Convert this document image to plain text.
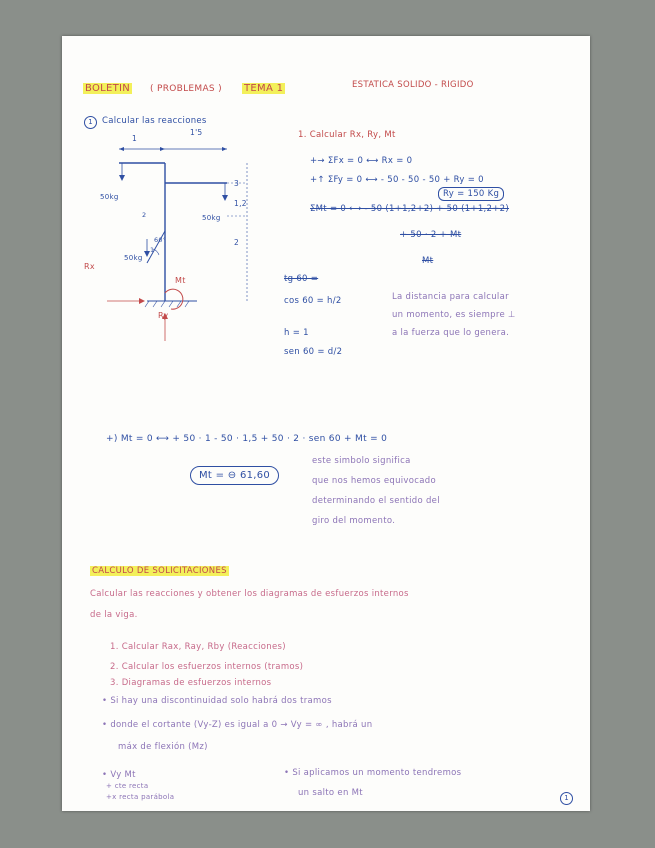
BOLETIN ( PROBLEMAS ) TEMA 1	ESTATICA SOLIDO - RIGIDO
1	Calcular las reacciones
1
1'5
3
1,2
2
50kg
50kg
50kg
60°
1
2
Rx
Ry
Mt
1. Calcular Rx, Ry, Mt
+→ ΣFx = 0 ⟷ Rx = 0
+↑ ΣFy = 0 ⟷ - 50 - 50 - 50 + Ry = 0
Ry = 150 Kg
ΣMt = 0 ⟷ - 50 (1+1,2+2) + 50 (1+1,2+2)
+ 50 · 2 + Mt
Mt
tg 60 =
cos 60 = h/2
h = 1
sen 60 = d/2
La distancia para calcular
un momento, es siempre ⊥
a la fuerza que lo genera.
+) Mt = 0 ⟷ + 50 · 1 - 50 · 1,5 + 50 · 2 · sen 60 + Mt = 0
Mt = ⊖ 61,60
este simbolo significa
que nos hemos equivocado
determinando el sentido del
giro del momento.
CALCULO DE SOLICITACIONES
Calcular las reacciones y obtener los diagramas de esfuerzos internos
de la viga.
1. Calcular Rax, Ray, Rby (Reacciones)
2. Calcular los esfuerzos internos (tramos)
3. Diagramas de esfuerzos internos
• Si hay una discontinuidad solo habrá dos tramos
• donde el cortante (Vy-Z) es igual a 0 → Vy = ∞ , habrá un
máx de flexión (Mz)
• Vy Mt
+ cte recta
+x recta parábola
• Si aplicamos un momento tendremos
un salto en Mt	1
